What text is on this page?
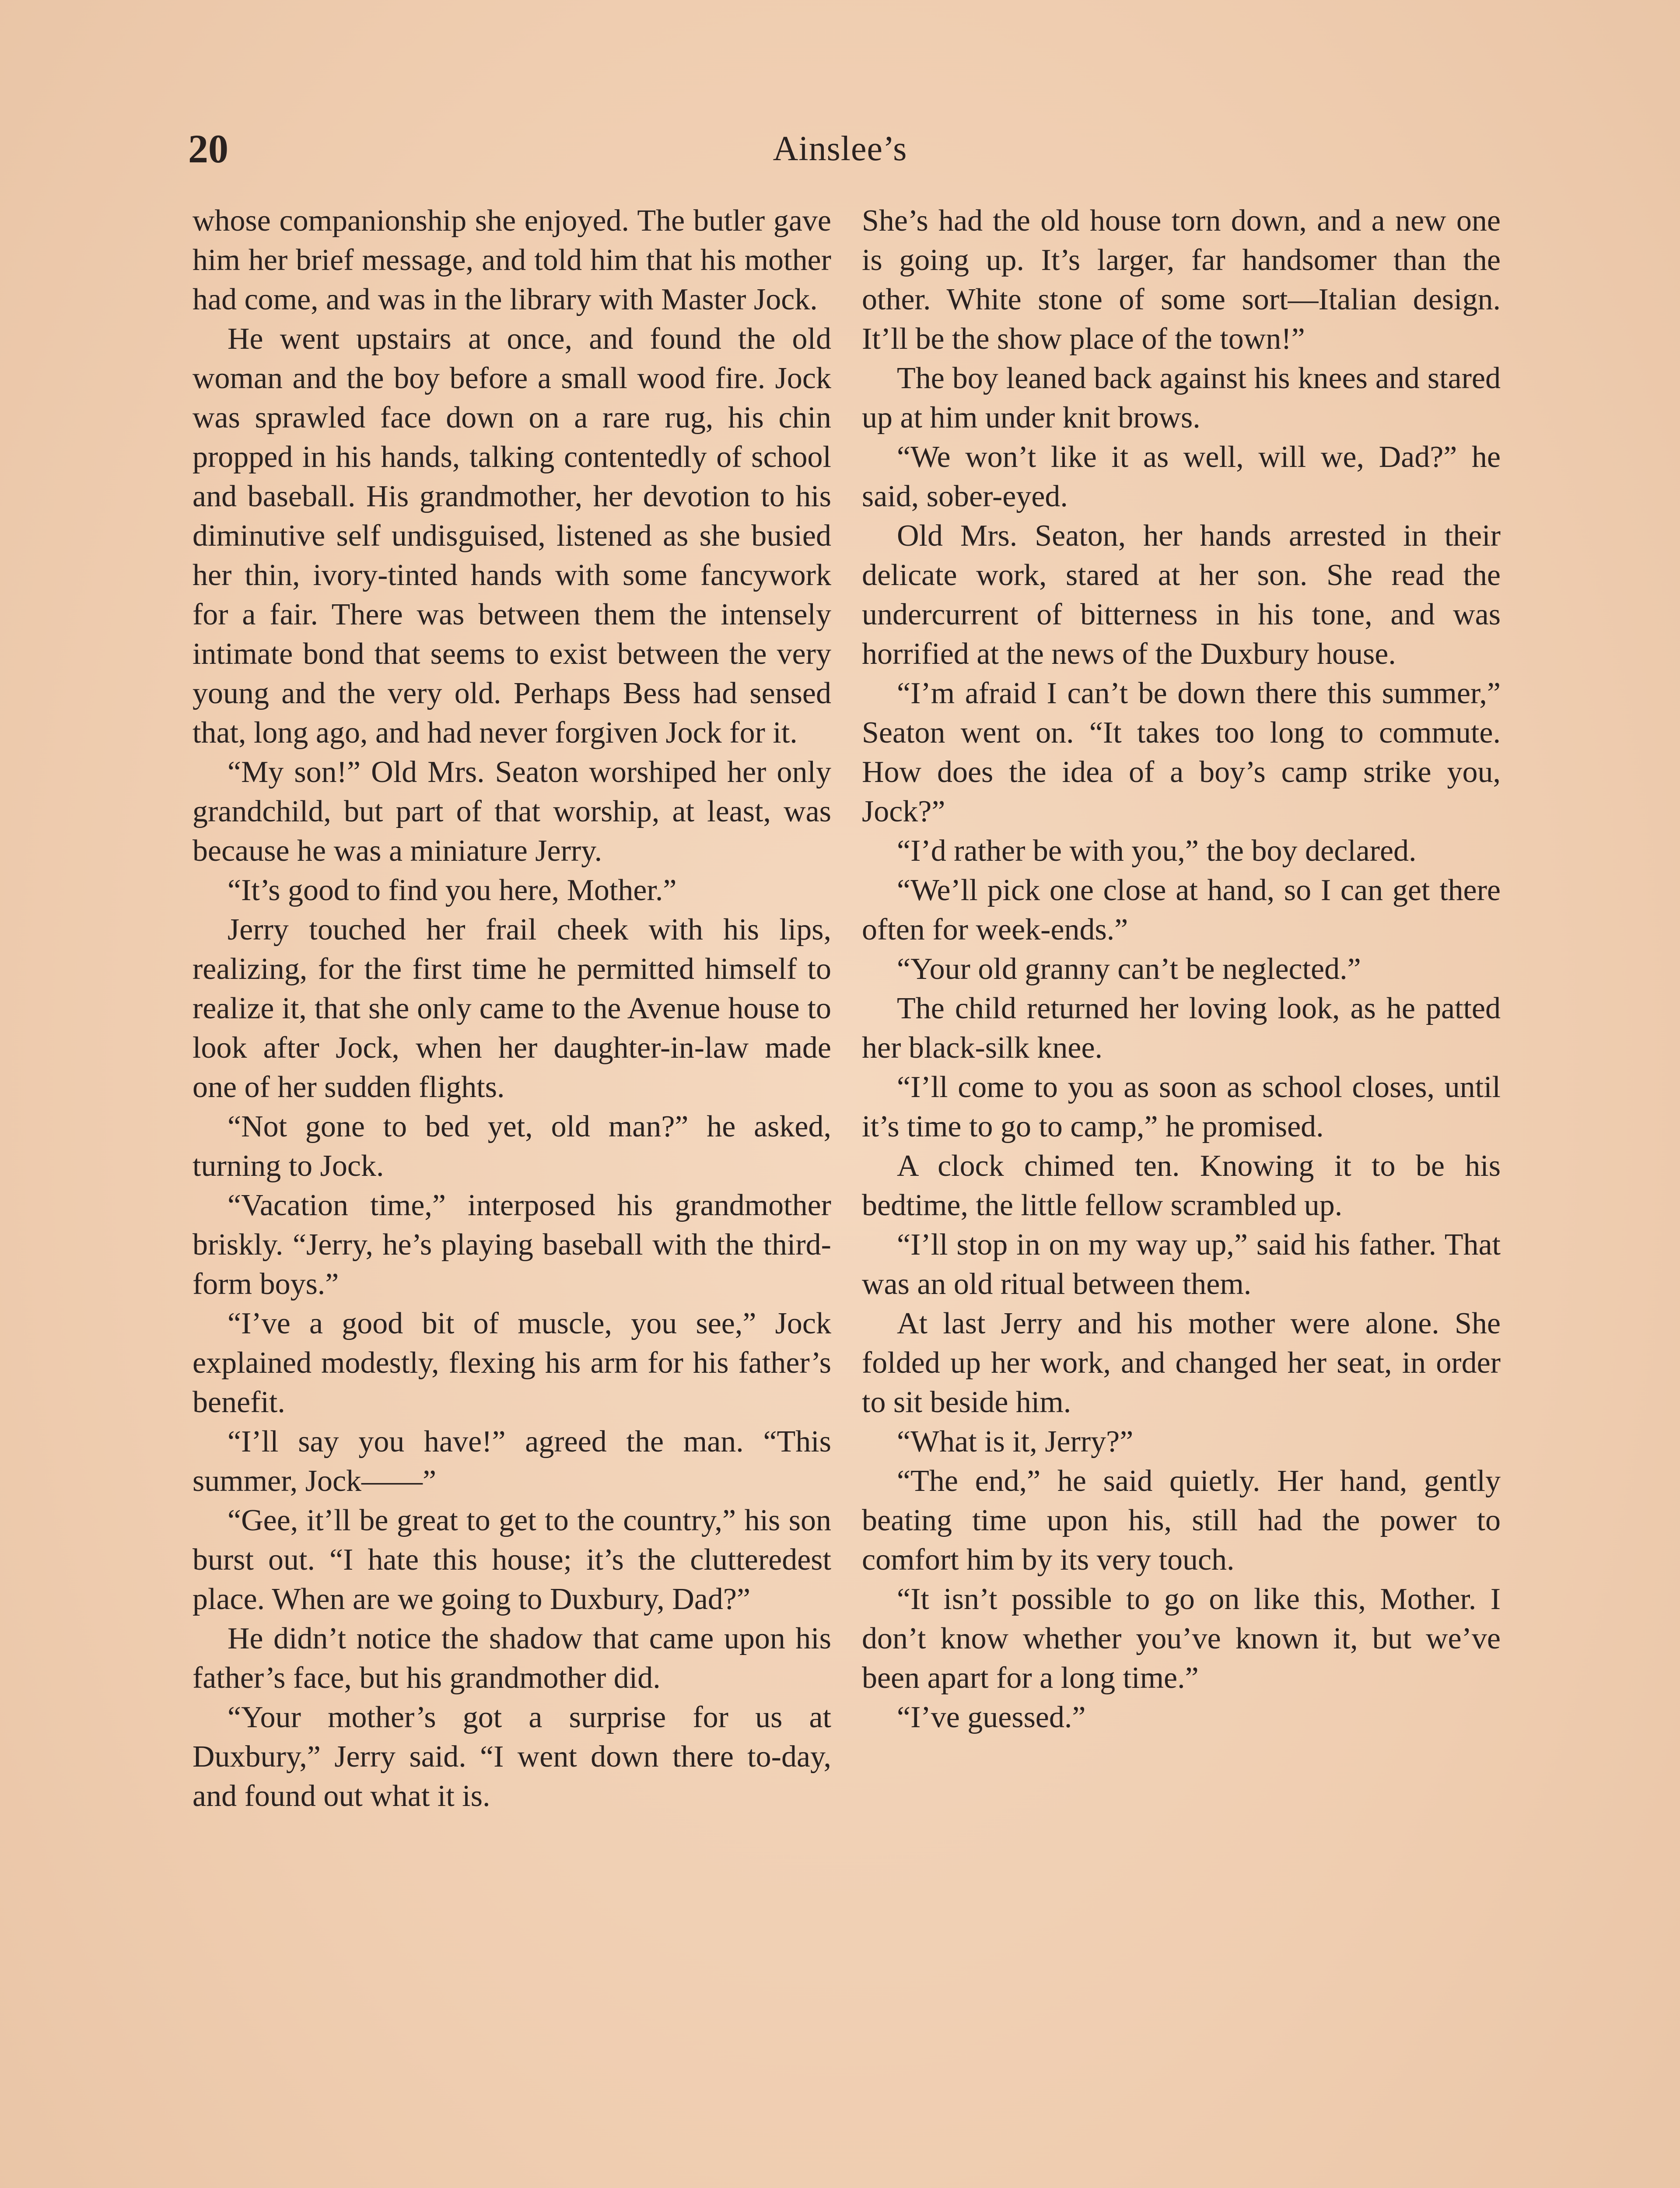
20	Ainslee’s

whose companionship she enjoyed. The butler gave him her brief message, and told him that his mother had come, and was in the library with Master Jock.

He went upstairs at once, and found the old woman and the boy before a small wood fire. Jock was sprawled face down on a rare rug, his chin propped in his hands, talking contentedly of school and baseball. His grandmother, her devotion to his diminutive self undisguised, listened as she busied her thin, ivory-tinted hands with some fancywork for a fair. There was between them the intensely intimate bond that seems to exist between the very young and the very old. Perhaps Bess had sensed that, long ago, and had never forgiven Jock for it.

“My son!” Old Mrs. Seaton worshiped her only grandchild, but part of that worship, at least, was because he was a miniature Jerry.

“It’s good to find you here, Mother.”

Jerry touched her frail cheek with his lips, realizing, for the first time he permitted himself to realize it, that she only came to the Avenue house to look after Jock, when her daughter-in-law made one of her sudden flights.

“Not gone to bed yet, old man?” he asked, turning to Jock.

“Vacation time,” interposed his grandmother briskly. “Jerry, he’s playing baseball with the third-form boys.”

“I’ve a good bit of muscle, you see,” Jock explained modestly, flexing his arm for his father’s benefit.

“I’ll say you have!” agreed the man. “This summer, Jock——”

“Gee, it’ll be great to get to the country,” his son burst out. “I hate this house; it’s the clutteredest place. When are we going to Duxbury, Dad?”

He didn’t notice the shadow that came upon his father’s face, but his grandmother did.

“Your mother’s got a surprise for us at Duxbury,” Jerry said. “I went down there to-day, and found out what it is.

She’s had the old house torn down, and a new one is going up. It’s larger, far handsomer than the other. White stone of some sort—Italian design. It’ll be the show place of the town!”

The boy leaned back against his knees and stared up at him under knit brows.

“We won’t like it as well, will we, Dad?” he said, sober-eyed.

Old Mrs. Seaton, her hands arrested in their delicate work, stared at her son. She read the undercurrent of bitterness in his tone, and was horrified at the news of the Duxbury house.

“I’m afraid I can’t be down there this summer,” Seaton went on. “It takes too long to commute. How does the idea of a boy’s camp strike you, Jock?”

“I’d rather be with you,” the boy declared.

“We’ll pick one close at hand, so I can get there often for week-ends.”

“Your old granny can’t be neglected.”

The child returned her loving look, as he patted her black-silk knee.

“I’ll come to you as soon as school closes, until it’s time to go to camp,” he promised.

A clock chimed ten. Knowing it to be his bedtime, the little fellow scrambled up.

“I’ll stop in on my way up,” said his father. That was an old ritual between them.

At last Jerry and his mother were alone. She folded up her work, and changed her seat, in order to sit beside him.

“What is it, Jerry?”

“The end,” he said quietly. Her hand, gently beating time upon his, still had the power to comfort him by its very touch.

“It isn’t possible to go on like this, Mother. I don’t know whether you’ve known it, but we’ve been apart for a long time.”

“I’ve guessed.”
